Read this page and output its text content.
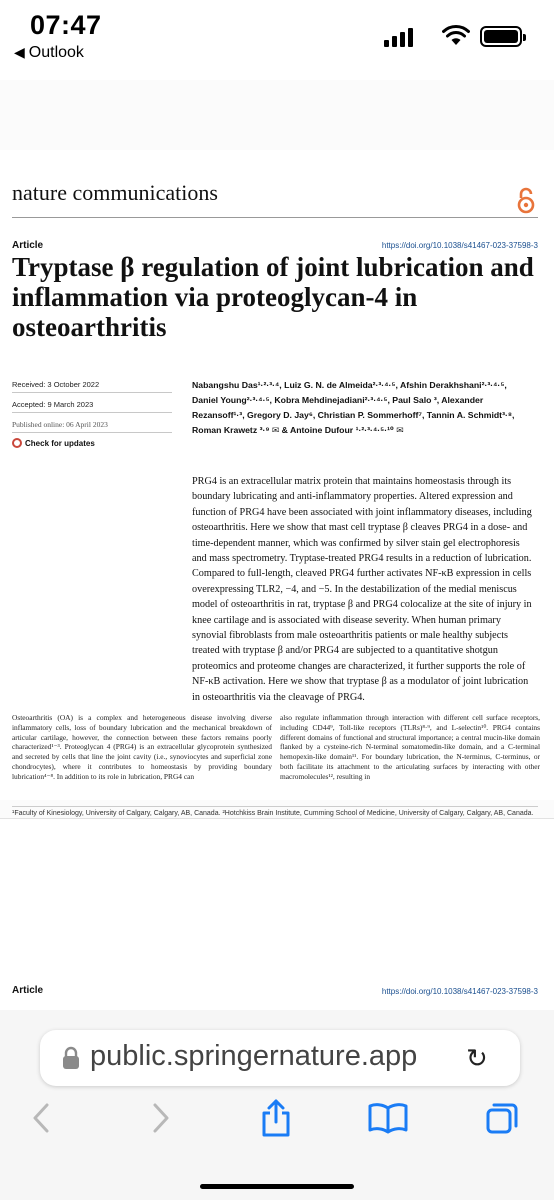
07:47
◀ Outlook
nature communications
Article	https://doi.org/10.1038/s41467-023-37598-3
Tryptase β regulation of joint lubrication and inflammation via proteoglycan-4 in osteoarthritis
Received: 3 October 2022
Accepted: 9 March 2023
Published online: 06 April 2023
Check for updates
Nabangshu Das¹·²·³·⁴, Luiz G. N. de Almeida²·³·⁴·⁵, Afshin Derakhshani²·³·⁴·⁵, Daniel Young²·³·⁴·⁵, Kobra Mehdinejadiani²·³·⁴·⁵, Paul Salo ³, Alexander Rezansoff¹·³, Gregory D. Jay⁶, Christian P. Sommerhoff⁷, Tannin A. Schmidt³·⁸, Roman Krawetz ³·⁹ ✉ & Antoine Dufour ¹·²·³·⁴·⁵·¹⁰ ✉
PRG4 is an extracellular matrix protein that maintains homeostasis through its boundary lubricating and anti-inflammatory properties. Altered expression and function of PRG4 have been associated with joint inflammatory diseases, including osteoarthritis. Here we show that mast cell tryptase β cleaves PRG4 in a dose- and time-dependent manner, which was confirmed by silver stain gel electrophoresis and mass spectrometry. Tryptase-treated PRG4 results in a reduction of lubrication. Compared to full-length, cleaved PRG4 further activates NF-κB expression in cells overexpressing TLR2, −4, and −5. In the destabilization of the medial meniscus model of osteoarthritis in rat, tryptase β and PRG4 colocalize at the site of injury in knee cartilage and is associated with disease severity. When human primary synovial fibroblasts from male osteoarthritis patients or male healthy subjects treated with tryptase β and/or PRG4 are subjected to a quantitative shotgun proteomics and proteome changes are characterized, it further supports the role of NF-κB activation. Here we show that tryptase β as a modulator of joint lubrication in osteoarthritis via the cleavage of PRG4.
Osteoarthritis (OA) is a complex and heterogeneous disease involving diverse inflammatory cells, loss of boundary lubrication and the mechanical breakdown of articular cartilage, however, the connection between these factors remains poorly characterized¹⁻³. Proteoglycan 4 (PRG4) is an extracellular glycoprotein synthesized and secreted by cells that line the joint cavity (i.e., synoviocytes and superficial zone chondrocytes), where it contributes to homeostasis by providing boundary lubrication⁴⁻⁸. In addition to its role in lubrication, PRG4 can
also regulate inflammation through interaction with different cell surface receptors, including CD44⁹, Toll-like receptors (TLRs)⁸·⁹, and L-selectin¹⁰. PRG4 contains different domains of functional and structural importance; a central mucin-like domain flanked by a cysteine-rich N-terminal somatomedin-like domain, and a C-terminal hemopexin-like domain¹¹. For boundary lubrication, the N-terminus, C-terminus, or both facilitate its attachment to the articulating surfaces by interacting with other macromolecules¹², resulting in
¹Faculty of Kinesiology, University of Calgary, Calgary, AB, Canada. ²Hotchkiss Brain Institute, Cumming School of Medicine, University of Calgary, Calgary, AB, Canada.
Article	https://doi.org/10.1038/s41467-023-37598-3
public.springernature.app ↻
